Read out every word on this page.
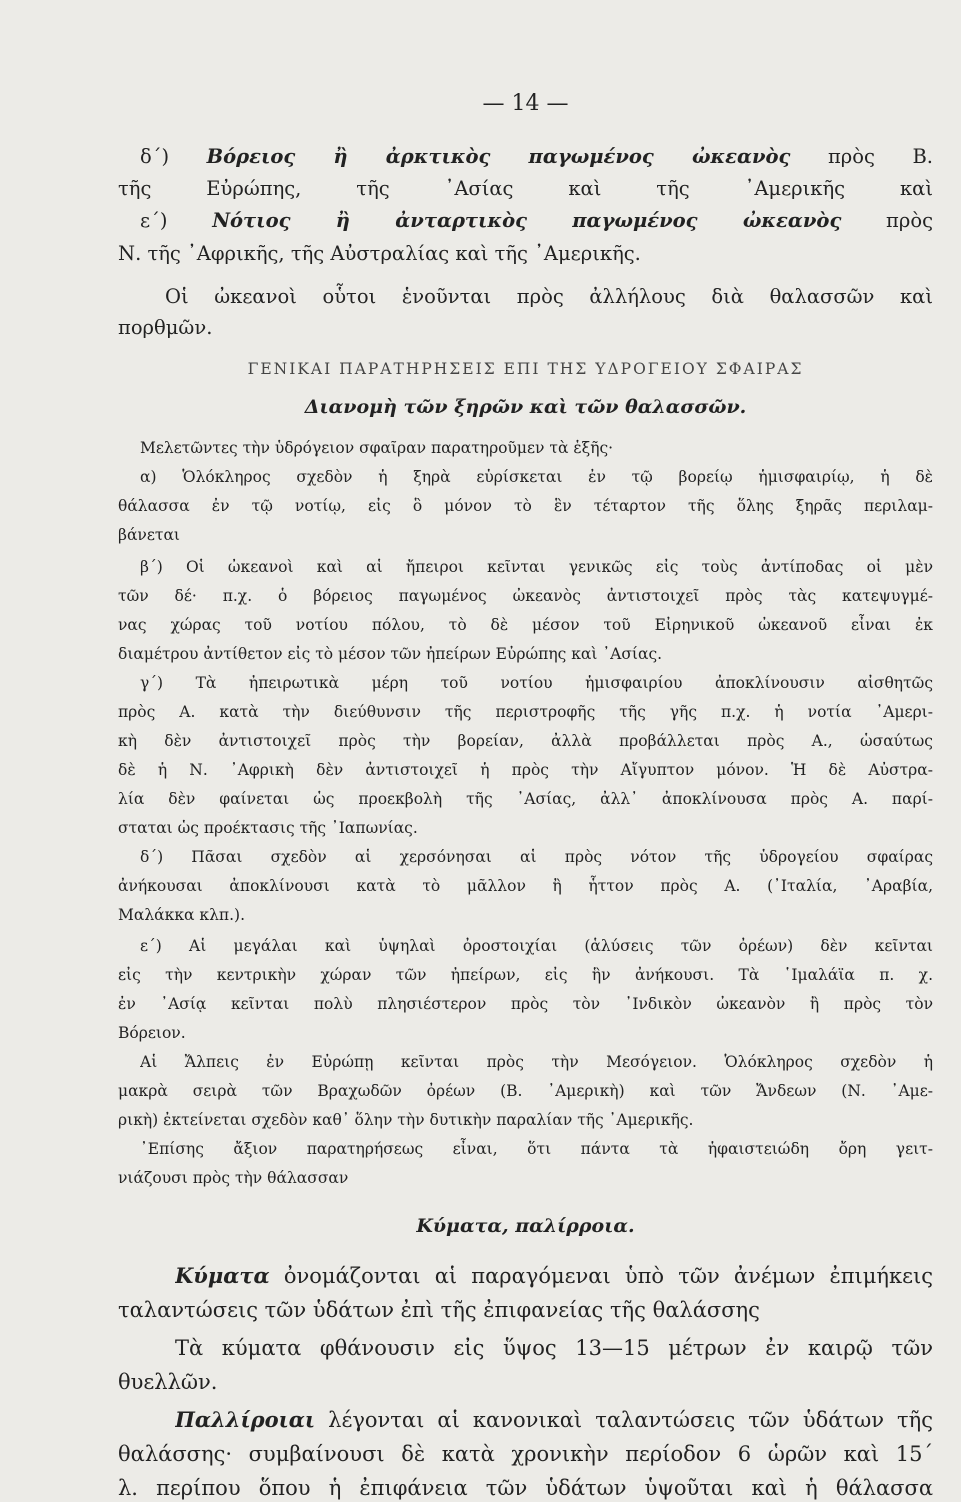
— 14 —
δ΄) Βόρειος ἢ ἀρκτικὸς παγωμένος ὠκεανὸς πρὸς Β.
τῆς Εὐρώπης, τῆς ᾿Ασίας καὶ τῆς ᾿Αμερικῆς καὶ
ε΄) Νότιος ἢ ἀνταρτικὸς παγωμένος ὠκεανὸς πρὸς
Ν. τῆς ᾿Αφρικῆς, τῆς Αὐστραλίας καὶ τῆς ᾿Αμερικῆς.
Οἱ ὠκεανοὶ οὗτοι ἑνοῦνται πρὸς ἀλλήλους διὰ θαλασσῶν καὶ
πορθμῶν.
ΓΕΝΙΚΑΙ ΠΑΡΑΤΗΡΗΣΕΙΣ ΕΠΙ ΤΗΣ ΥΔΡΟΓΕΙΟΥ ΣΦΑΙΡΑΣ
Διανομὴ τῶν ξηρῶν καὶ τῶν θαλασσῶν.
Μελετῶντες τὴν ὑδρόγειον σφαῖραν παρατηροῦμεν τὰ ἑξῆς·
α) Ὁλόκληρος σχεδὸν ἡ ξηρὰ εὑρίσκεται ἐν τῷ βορείῳ ἡμισφαιρίῳ, ἡ δὲ
θάλασσα ἐν τῷ νοτίῳ, εἰς ὃ μόνον τὸ ἓν τέταρτον τῆς ὅλης ξηρᾶς περιλαμ-
βάνεται
β΄) Οἱ ὠκεανοὶ καὶ αἱ ἤπειροι κεῖνται γενικῶς εἰς τοὺς ἀντίποδας οἱ μὲν
τῶν δέ· π.χ. ὁ βόρειος παγωμένος ὠκεανὸς ἀντιστοιχεῖ πρὸς τὰς κατεψυγμέ-
νας χώρας τοῦ νοτίου πόλου, τὸ δὲ μέσον τοῦ Εἰρηνικοῦ ὠκεανοῦ εἶναι ἐκ
διαμέτρου ἀντίθετον εἰς τὸ μέσον τῶν ἠπείρων Εὐρώπης καὶ ᾿Ασίας.
γ΄) Τὰ ἠπειρωτικὰ μέρη τοῦ νοτίου ἡμισφαιρίου ἀποκλίνουσιν αἰσθητῶς
πρὸς Α. κατὰ τὴν διεύθυνσιν τῆς περιστροφῆς τῆς γῆς π.χ. ἡ νοτία ᾿Αμερι-
κὴ δὲν ἀντιστοιχεῖ πρὸς τὴν βορείαν, ἀλλὰ προβάλλεται πρὸς Α., ὡσαύτως
δὲ ἡ Ν. ᾿Αφρικὴ δὲν ἀντιστοιχεῖ ἡ πρὸς τὴν Αἴγυπτον μόνον. Ἡ δὲ Αὐστρα-
λία δὲν φαίνεται ὡς προεκβολὴ τῆς ᾿Ασίας, ἀλλ᾿ ἀποκλίνουσα πρὸς Α. παρί-
σταται ὡς προέκτασις τῆς ᾿Ιαπωνίας.
δ΄) Πᾶσαι σχεδὸν αἱ χερσόνησαι αἱ πρὸς νότον τῆς ὑδρογείου σφαίρας
ἀνήκουσαι ἀποκλίνουσι κατὰ τὸ μᾶλλον ἢ ἧττον πρὸς Α. (᾿Ιταλία, ᾿Αραβία,
Μαλάκκα κλπ.).
ε΄) Αἱ μεγάλαι καὶ ὑψηλαὶ ὀροστοιχίαι (ἁλύσεις τῶν ὀρέων) δὲν κεῖνται
εἰς τὴν κεντρικὴν χώραν τῶν ἠπείρων, εἰς ἣν ἀνήκουσι. Τὰ ῾Ιμαλάϊα π. χ.
ἐν ᾿Ασίᾳ κεῖνται πολὺ πλησιέστερον πρὸς τὸν ᾿Ινδικὸν ὠκεανὸν ἢ πρὸς τὸν
Βόρειον.
Αἱ Ἄλπεις ἐν Εὐρώπῃ κεῖνται πρὸς τὴν Μεσόγειον. Ὁλόκληρος σχεδὸν ἡ
μακρὰ σειρὰ τῶν Βραχωδῶν ὀρέων (Β. ᾿Αμερικὴ) καὶ τῶν Ἄνδεων (Ν. ᾿Αμε-
ρικὴ) ἐκτείνεται σχεδὸν καθ᾿ ὅλην τὴν δυτικὴν παραλίαν τῆς ᾿Αμερικῆς.
᾿Επίσης ἄξιον παρατηρήσεως εἶναι, ὅτι πάντα τὰ ἡφαιστειώδη ὄρη γειτ-
νιάζουσι πρὸς τὴν θάλασσαν
Κύματα, παλίρροια.
Κύματα ὀνομάζονται αἱ παραγόμεναι ὑπὸ τῶν ἀνέμων ἐπιμήκεις
ταλαντώσεις τῶν ὑδάτων ἐπὶ τῆς ἐπιφανείας τῆς θαλάσσης
Τὰ κύματα φθάνουσιν εἰς ὕψος 13—15 μέτρων ἐν καιρῷ τῶν
θυελλῶν.
Παλλίροιαι λέγονται αἱ κανονικαὶ ταλαντώσεις τῶν ὑδάτων τῆς
θαλάσσης· συμβαίνουσι δὲ κατὰ χρονικὴν περίοδον 6 ὡρῶν καὶ 15΄
λ. περίπου ὅπου ἡ ἐπιφάνεια τῶν ὑδάτων ὑψοῦται καὶ ἡ θάλασσα
